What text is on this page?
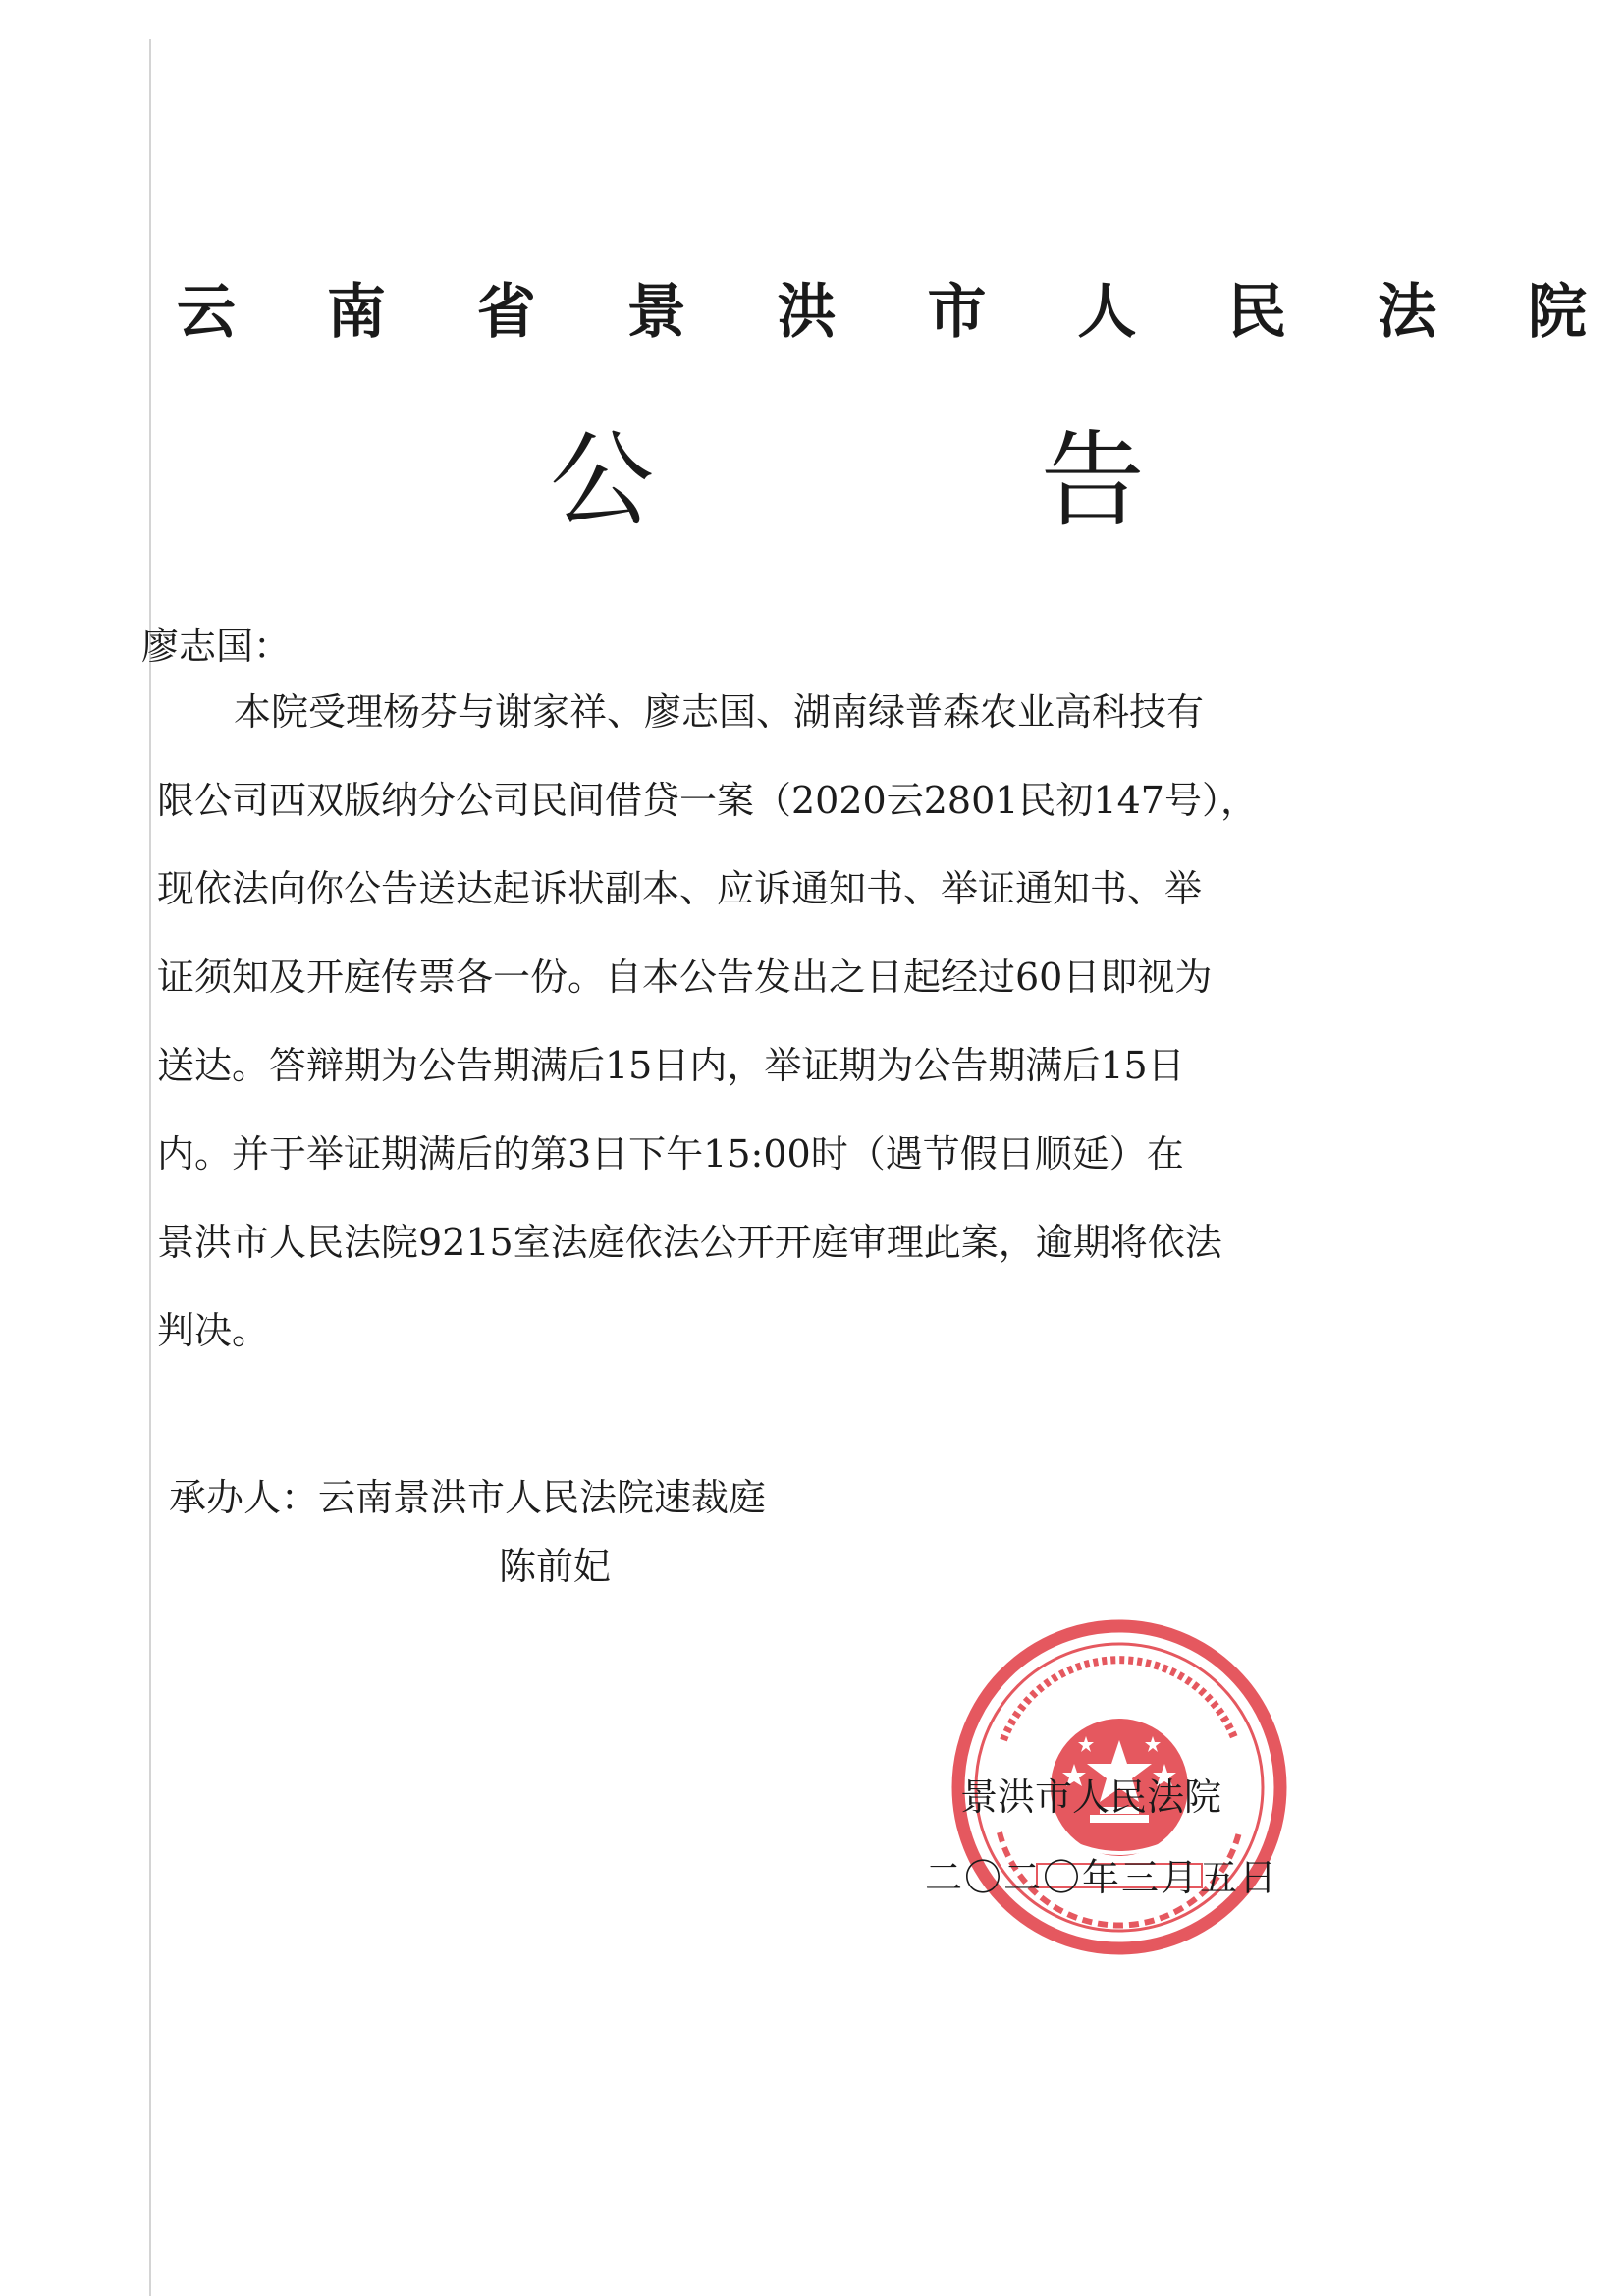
云 南 省 景 洪 市 人 民 法 院
公 告

廖志国：

本院受理杨芬与谢家祥、廖志国、湖南绿普森农业高科技有
限公司西双版纳分公司民间借贷一案（2020云2801民初147号），
现依法向你公告送达起诉状副本、应诉通知书、举证通知书、举
证须知及开庭传票各一份。自本公告发出之日起经过60日即视为
送达。答辩期为公告期满后15日内，举证期为公告期满后15日
内。并于举证期满后的第3日下午15:00时（遇节假日顺延）在
景洪市人民法院9215室法庭依法公开开庭审理此案，逾期将依法
判决。

承办人：云南景洪市人民法院速裁庭

陈前妃

景洪市人民法院

二〇二〇年三月五日
